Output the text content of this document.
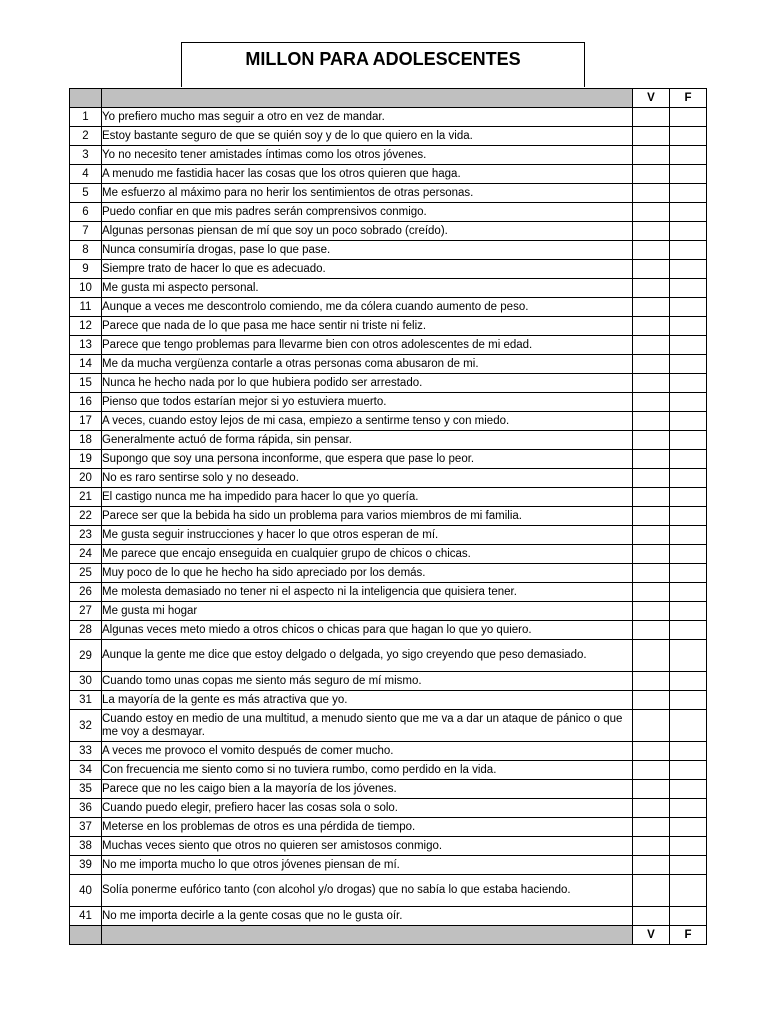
MILLON PARA ADOLESCENTES
		V	F
1	Yo prefiero mucho mas seguir a otro en vez de mandar.		
2	Estoy bastante seguro de que se quién soy y de lo que quiero en la vida.		
3	Yo no necesito tener amistades íntimas como los otros jóvenes.		
4	A menudo me fastidia hacer las cosas que los otros quieren que haga.		
5	Me esfuerzo al máximo para no herir los sentimientos de otras personas.		
6	Puedo confiar en que mis padres serán comprensivos conmigo.		
7	Algunas personas piensan de mí que soy un poco sobrado (creído).		
8	Nunca consumiría drogas, pase lo que pase.		
9	Siempre trato de hacer lo que es adecuado.		
10	Me gusta mi aspecto personal.		
11	Aunque a veces me descontrolo comiendo, me da cólera cuando aumento de peso.		
12	Parece que nada de lo que pasa me hace sentir ni triste ni feliz.		
13	Parece que tengo problemas para llevarme bien con otros adolescentes de mi edad.		
14	Me da mucha vergüenza contarle a otras personas coma abusaron de mi.		
15	Nunca he hecho nada por lo que hubiera podido ser arrestado.		
16	Pienso que todos estarían mejor si yo estuviera muerto.		
17	A veces, cuando estoy lejos de mi casa, empiezo a sentirme tenso y con miedo.		
18	Generalmente actuó de forma rápida, sin pensar.		
19	Supongo que soy una persona inconforme, que espera que pase lo peor.		
20	No es raro sentirse solo y no deseado.		
21	El castigo nunca me ha impedido para hacer lo que yo quería.		
22	Parece ser que la bebida ha sido un problema para varios miembros de mi familia.		
23	Me gusta seguir instrucciones y hacer lo que otros esperan de mí.		
24	Me parece que encajo enseguida en cualquier grupo de chicos o chicas.		
25	Muy poco de lo que he hecho ha sido apreciado por los demás.		
26	Me molesta demasiado no tener ni el aspecto ni la inteligencia que quisiera tener.		
27	Me gusta mi hogar		
28	Algunas veces meto miedo a otros chicos o chicas para que hagan lo que yo quiero.		
29	Aunque la gente me dice que estoy delgado o delgada, yo sigo creyendo que peso demasiado.		
30	Cuando tomo unas copas me siento más seguro de mí mismo.		
31	La mayoría de la gente es más atractiva que yo.		
32	Cuando estoy en medio de una multitud, a menudo siento que me va a dar un ataque de pánico o que me voy a desmayar.		
33	A veces me provoco el vomito después de comer mucho.		
34	Con frecuencia me siento como si no tuviera rumbo, como perdido en la vida.		
35	Parece que no les caigo bien a la mayoría de los jóvenes.		
36	Cuando puedo elegir, prefiero hacer las cosas sola o solo.		
37	Meterse en los problemas de otros es una pérdida de tiempo.		
38	Muchas veces siento que otros no quieren ser amistosos conmigo.		
39	No me importa mucho lo que otros jóvenes piensan de mí.		
40	Solía ponerme eufórico tanto (con alcohol y/o drogas) que no sabía lo que estaba haciendo.		
41	No me importa decirle a la gente cosas que no le gusta oír.		
		V	F
